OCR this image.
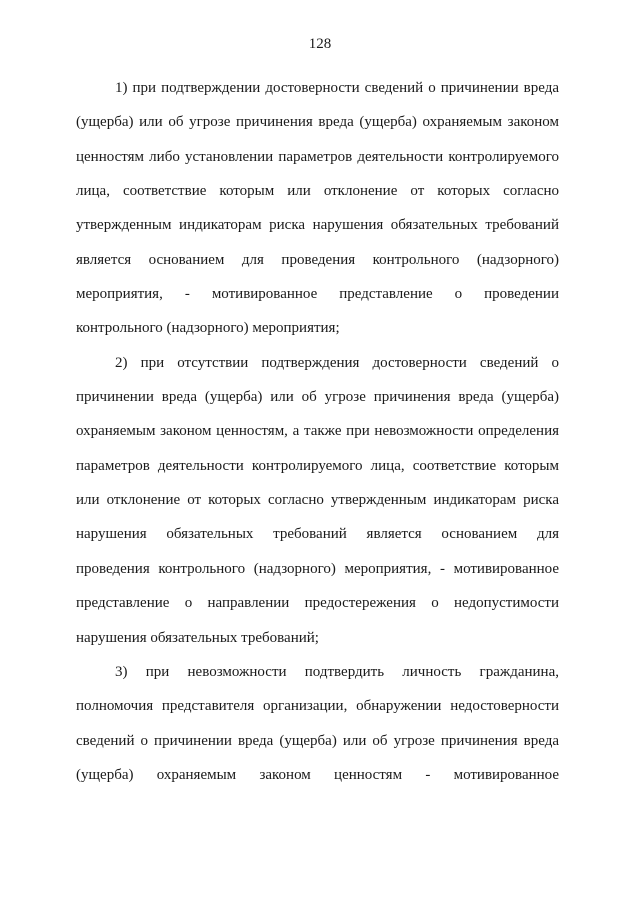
128
1) при подтверждении достоверности сведений о причинении вреда
(ущерба) или об угрозе причинения вреда (ущерба) охраняемым законом
ценностям либо установлении параметров деятельности контролируемого
лица, соответствие которым или отклонение от которых согласно
утвержденным индикаторам риска нарушения обязательных требований
является основанием для проведения контрольного (надзорного)
мероприятия, - мотивированное представление о проведении
контрольного (надзорного) мероприятия;
2) при отсутствии подтверждения достоверности сведений о
причинении вреда (ущерба) или об угрозе причинения вреда (ущерба)
охраняемым законом ценностям, а также при невозможности определения
параметров деятельности контролируемого лица, соответствие которым
или отклонение от которых согласно утвержденным индикаторам риска
нарушения обязательных требований является основанием для
проведения контрольного (надзорного) мероприятия, - мотивированное
представление о направлении предостережения о недопустимости
нарушения обязательных требований;
3) при невозможности подтвердить личность гражданина,
полномочия представителя организации, обнаружении недостоверности
сведений о причинении вреда (ущерба) или об угрозе причинения вреда
(ущерба) охраняемым законом ценностям - мотивированное
